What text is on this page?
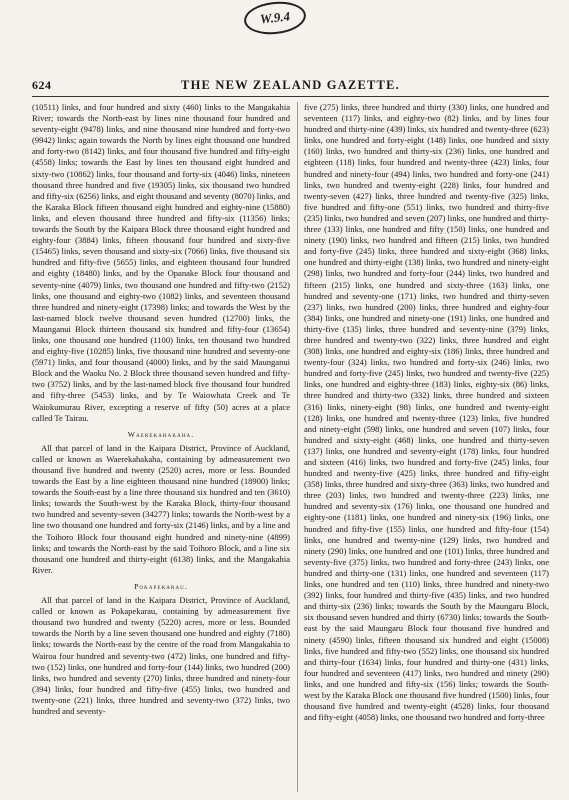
W.9.4
624	THE NEW ZEALAND GAZETTE.

(10511) links, and four hundred and sixty (460) links to the Mangakahia River; towards the North-east by lines nine thousand four hundred and seventy-eight (9478) links, and nine thousand nine hundred and forty-two (9942) links; again towards the North by lines eight thousand one hundred and forty-two (8142) links, and four thousand five hundred and fifty-eight (4558) links; towards the East by lines ten thousand eight hundred and sixty-two (10862) links, four thousand and forty-six (4046) links, nineteen thousand three hundred and five (19305) links, six thousand two hundred and fifty-six (6256) links, and eight thousand and seventy (8070) links, and the Karaka Block fifteen thousand eight hundred and eighty-nine (15880) links, and eleven thousand three hundred and fifty-six (11356) links; towards the South by the Kaipara Block three thousand eight hundred and eighty-four (3884) links, fifteen thousand four hundred and sixty-five (15465) links, seven thousand and sixty-six (7066) links, five thousand six hundred and fifty-five (5655) links, and eighteen thousand four hundred and eighty (18480) links, and by the Opanake Block four thousand and seventy-nine (4079) links, two thousand one hundred and fifty-two (2152) links, one thousand and eighty-two (1082) links, and seventeen thousand three hundred and ninety-eight (17398) links; and towards the West by the last-named block twelve thousand seven hundred (12700) links, the Maunganui Block thirteen thousand six hundred and fifty-four (13654) links, one thousand one hundred (1100) links, ten thousand two hundred and eighty-five (10285) links, five thousand nine hundred and seventy-one (5971) links, and four thousand (4000) links, and by the said Maunganui Block and the Waoku No. 2 Block three thousand seven hundred and fifty-two (3752) links, and by the last-named block five thousand four hundred and fifty-three (5453) links, and by Te Waiowhata Creek and Te Waiokumurau River, excepting a reserve of fifty (50) acres at a place called Te Tairau.

Waerekahakaha.

All that parcel of land in the Kaipara District, Province of Auckland, called or known as Waerekahakaha, containing by admeasurement two thousand five hundred and twenty (2520) acres, more or less. Bounded towards the East by a line eighteen thousand nine hundred (18900) links; towards the South-east by a line three thousand six hundred and ten (3610) links; towards the South-west by the Karaka Block, thirty-four thousand two hundred and seventy-seven (34277) links; towards the North-west by a line two thousand one hundred and forty-six (2146) links, and by a line and the Toihoro Block four thousand eight hundred and ninety-nine (4899) links; and towards the North-east by the said Toihoro Block, and a line six thousand one hundred and thirty-eight (6138) links, and the Mangakahia River.

Pokapekarau.

All that parcel of land in the Kaipara District, Province of Auckland, called or known as Pokapekarau, containing by admeasurement five thousand two hundred and twenty (5220) acres, more or less. Bounded towards the North by a line seven thousand one hundred and eighty (7180) links; towards the North-east by the centre of the road from Mangakahia to Wairoa four hundred and seventy-two (472) links, one hundred and fifty-two (152) links, one hundred and forty-four (144) links, two hundred (200) links, two hundred and seventy (270) links, three hundred and ninety-four (394) links, four hundred and fifty-five (455) links, two hundred and twenty-one (221) links, three hundred and seventy-two (372) links, two hundred and seventy-

five (275) links, three hundred and thirty (330) links, one hundred and seventeen (117) links, and eighty-two (82) links, and by lines four hundred and thirty-nine (439) links, six hundred and twenty-three (623) links, one hundred and forty-eight (148) links, one hundred and sixty (160) links, two hundred and thirty-six (236) links, one hundred and eighteen (118) links, four hundred and twenty-three (423) links, four hundred and ninety-four (494) links, two hundred and forty-one (241) links, two hundred and twenty-eight (228) links, four hundred and twenty-seven (427) links, three hundred and twenty-five (325) links, five hundred and fifty-one (551) links, two hundred and thirty-five (235) links, two hundred and seven (207) links, one hundred and thirty-three (133) links, one hundred and fifty (150) links, one hundred and ninety (190) links, two hundred and fifteen (215) links, two hundred and forty-five (245) links, three hundred and sixty-eight (368) links, one hundred and thirty-eight (138) links, two hundred and ninety-eight (298) links, two hundred and forty-four (244) links, two hundred and fifteen (215) links, one hundred and sixty-three (163) links, one hundred and seventy-one (171) links, two hundred and thirty-seven (237) links, two hundred (200) links, three hundred and eighty-four (384) links, one hundred and ninety-one (191) links, one hundred and thirty-five (135) links, three hundred and seventy-nine (379) links, three hundred and twenty-two (322) links, three hundred and eight (308) links, one hundred and eighty-six (186) links, three hundred and twenty-four (324) links, two hundred and forty-six (246) links, two hundred and forty-five (245) links, two hundred and twenty-five (225) links, one hundred and eighty-three (183) links, eighty-six (86) links, three hundred and thirty-two (332) links, three hundred and sixteen (316) links, ninety-eight (98) links, one hundred and twenty-eight (128) links, one hundred and twenty-three (123) links, five hundred and ninety-eight (598) links, one hundred and seven (107) links, four hundred and sixty-eight (468) links, one hundred and thirty-seven (137) links, one hundred and seventy-eight (178) links, four hundred and sixteen (416) links, two hundred and forty-five (245) links, four hundred and twenty-five (425) links, three hundred and fifty-eight (358) links, three hundred and sixty-three (363) links, two hundred and three (203) links, two hundred and twenty-three (223) links, one hundred and seventy-six (176) links, one thousand one hundred and eighty-one (1181) links, one hundred and ninety-six (196) links, one hundred and fifty-five (155) links, one hundred and fifty-four (154) links, one hundred and twenty-nine (129) links, two hundred and ninety (290) links, one hundred and one (101) links, three hundred and seventy-five (375) links, two hundred and forty-three (243) links, one hundred and thirty-one (131) links, one hundred and seventeen (117) links, one hundred and ten (110) links, three hundred and ninety-two (392) links, four hundred and thirty-five (435) links, and two hundred and thirty-six (236) links; towards the South by the Maungaru Block, six thousand seven hundred and thirty (6730) links; towards the South-east by the said Maungaru Block four thousand five hundred and ninety (4590) links, fifteen thousand six hundred and eight (15008) links, five hundred and fifty-two (552) links, one thousand six hundred and thirty-four (1634) links, four hundred and thirty-one (431) links, four hundred and seventeen (417) links, two hundred and ninety (290) links, and one hundred and fifty-six (156) links; towards the South-west by the Karaka Block one thousand five hundred (1500) links, four thousand five hundred and twenty-eight (4528) links, four thousand and fifty-eight (4058) links, one thousand two hundred and forty-three
